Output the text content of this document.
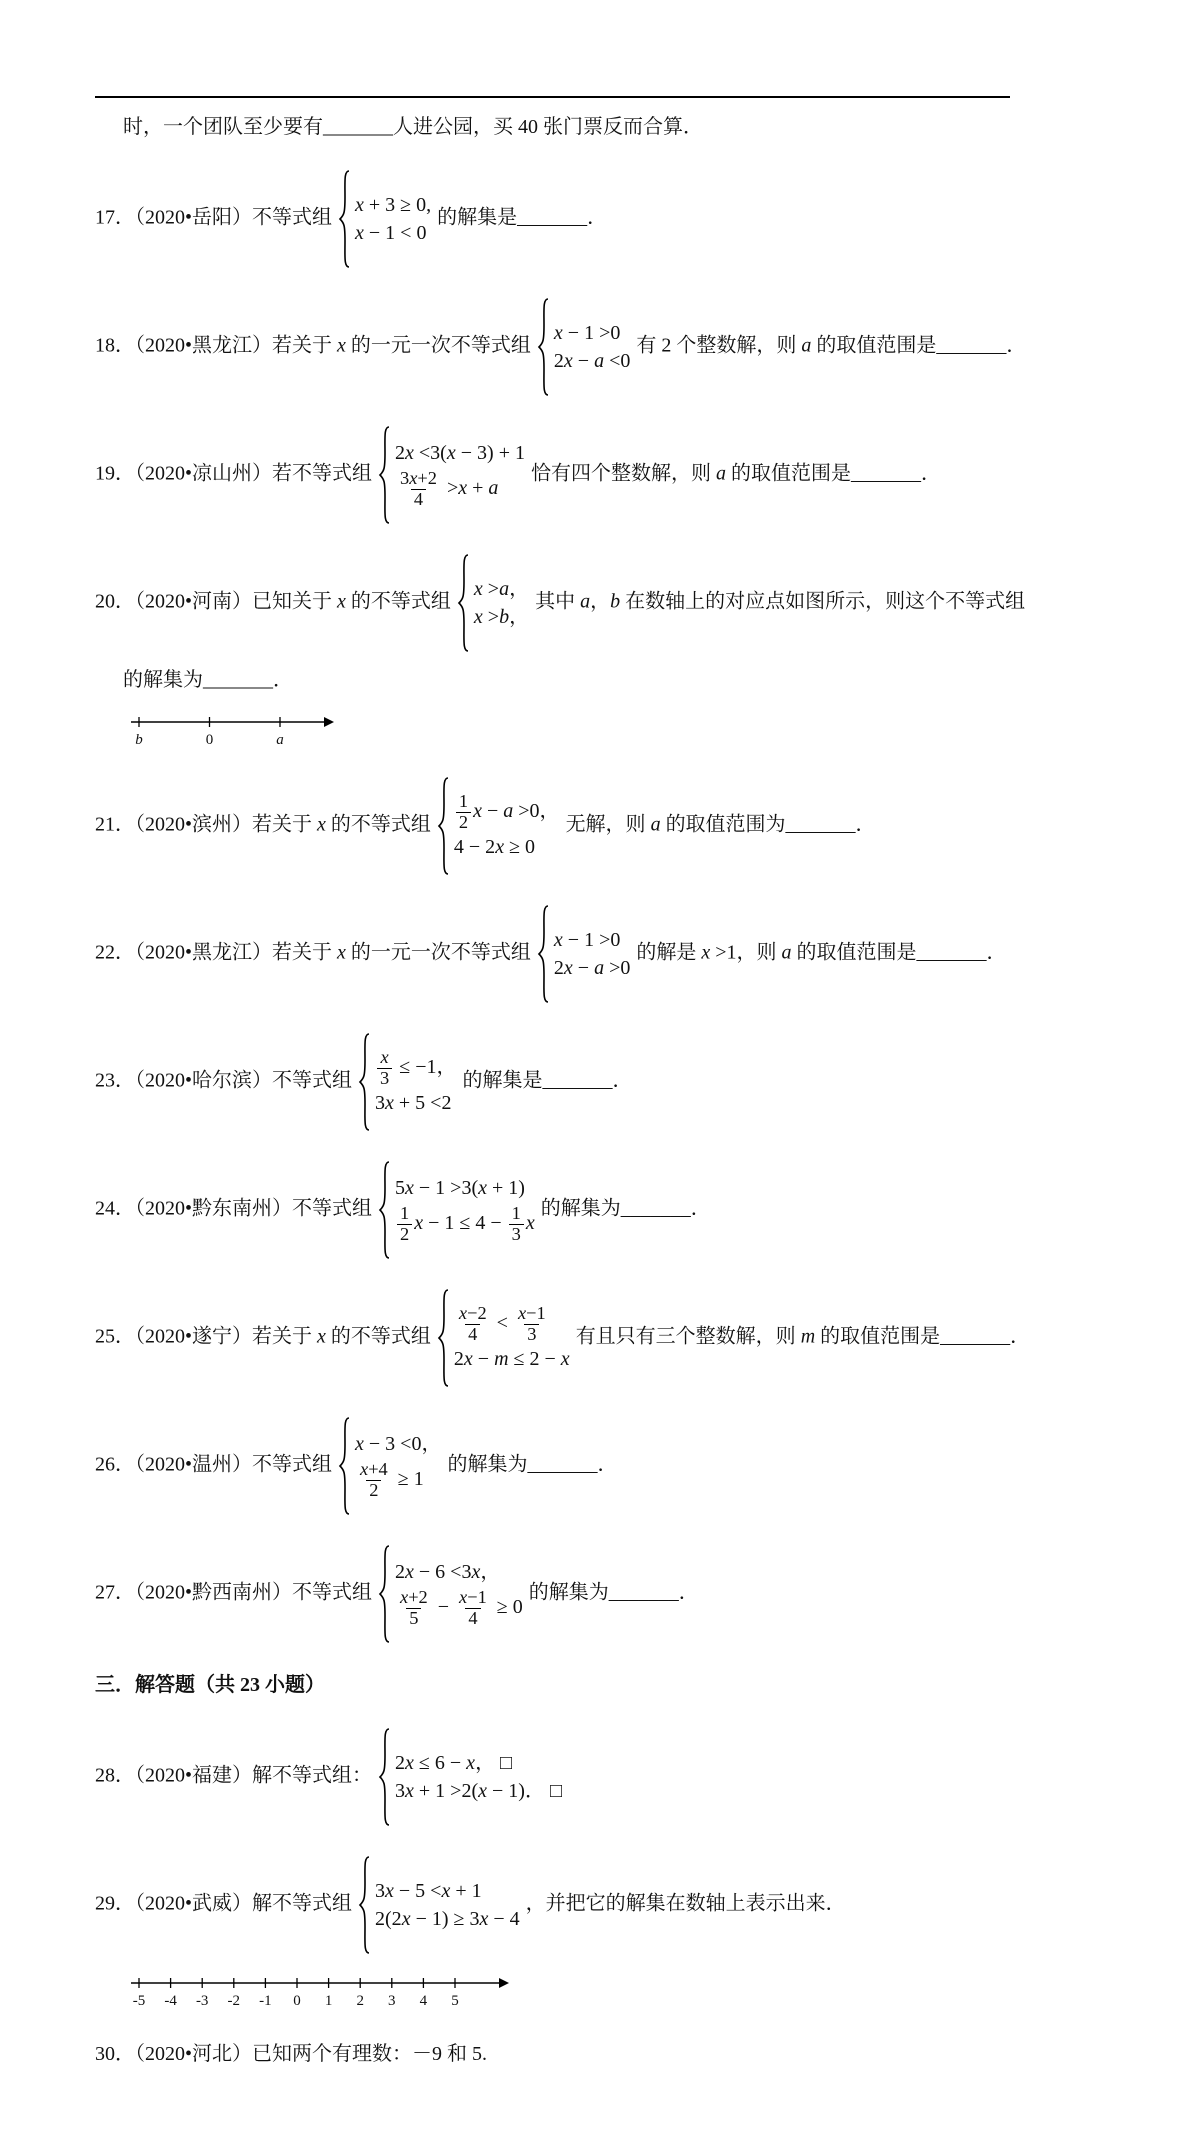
时，一个团队至少要有_______人进公园，买 40 张门票反而合算．
17．（2020•岳阳）不等式组
x + 3 ≥ 0,
x − 1 < 0
的解集是_______．
18．（2020•黑龙江）若关于 x 的一元一次不等式组
x − 1 >0
2x − a <0
有 2 个整数解，则 a 的取值范围是_______．
19．（2020•凉山州）若不等式组
2x <3(x − 3) + 1
$\frac{3x+2}{4} >x + a$
恰有四个整数解，则 a 的取值范围是_______．
20．（2020•河南）已知关于 x 的不等式组
x >a，
x >b，
其中 a，b 在数轴上的对应点如图所示，则这个不等式组
的解集为_______．
b	0	a
21．（2020•滨州）若关于 x 的不等式组 $\frac{1}{2}$ x − a >0，
4 − 2x ≥ 0
无解，则 a 的取值范围为_______．
22．（2020•黑龙江）若关于 x 的一元一次不等式组
x − 1 >0
2x − a >0
的解是 x >1，则 a 的取值范围是_______．
23．（2020•哈尔滨）不等式组 $\frac{x}{3} \le -1$，
3x + 5 <2
的解集是_______．
24．（2020•黔东南州）不等式组
5x − 1 >3(x + 1)
$\frac{1}{2}$ $x - 1 \le 4 - \frac{1}{3}$ x
的解集为_______．
25．（2020•遂宁）若关于 x 的不等式组 $\frac{x-2}{4} < \frac{x-1}{3}$
2x − m ≤ 2 − x
有且只有三个整数解，则 m 的取值范围是_______．
26．（2020•温州）不等式组
x − 3 <0，
$\frac{x+4}{2} \ge 1$
的解集为_______．
27．（2020•黔西南州）不等式组
2x − 6 <3x，
$\frac{x+2}{5} - \frac{x-1}{4} \ge 0$
的解集为_______．
三．解答题（共 23 小题）
28．（2020•福建）解不等式组：
2x ≤ 6 − x， □
3x + 1 >2(x − 1)． □
29．（2020•武威）解不等式组
3x − 5 <x + 1
2(2x − 1) ≥ 3x − 4
，并把它的解集在数轴上表示出来．
-5 -4 -3 -2 -1 0 1 2 3 4 5
30．（2020•河北）已知两个有理数：－9 和 5.
